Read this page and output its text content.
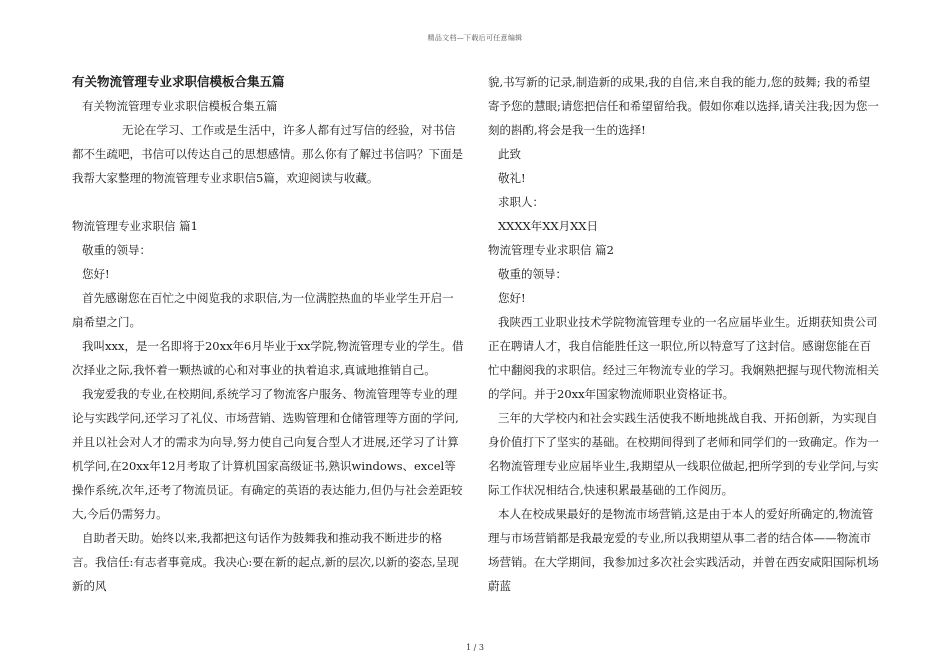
精品文档—下载后可任意编辑

有关物流管理专业求职信模板合集五篇

有关物流管理专业求职信模板合集五篇

无论在学习、工作或是生活中，许多人都有过写信的经验，对书信都不生疏吧，书信可以传达自己的思想感情。那么你有了解过书信吗？下面是我帮大家整理的物流管理专业求职信5篇，欢迎阅读与收藏。

物流管理专业求职信 篇1

敬重的领导：

您好!

首先感谢您在百忙之中阅览我的求职信,为一位满腔热血的毕业学生开启一扇希望之门。

我叫xxx，是一名即将于20xx年6月毕业于xx学院,物流管理专业的学生。借次择业之际,我怀着一颗热诚的心和对事业的执着追求,真诚地推销自己。

我宠爱我的专业,在校期间,系统学习了物流客户服务、物流管理等专业的理论与实践学问,还学习了礼仪、市场营销、选购管理和仓储管理等方面的学问,并且以社会对人才的需求为向导,努力使自己向复合型人才进展,还学习了计算机学问,在20xx年12月考取了计算机国家高级证书,熟识windows、excel等操作系统,次年,还考了物流员证。有确定的英语的表达能力,但仍与社会差距较大,今后仍需努力。

自助者天助。始终以来,我都把这句话作为鼓舞我和推动我不断进步的格言。我信任:有志者事竟成。我决心:要在新的起点,新的层次,以新的姿态,呈现新的风

貌,书写新的记录,制造新的成果,我的自信,来自我的能力,您的鼓舞; 我的希望寄予您的慧眼;请您把信任和希望留给我。假如你难以选择,请关注我;因为您一刻的斟酌,将会是我一生的选择!

此致

敬礼!

求职人：

XXXX年XX月XX日

物流管理专业求职信 篇2

敬重的领导：

您好!

我陕西工业职业技术学院物流管理专业的一名应届毕业生。近期获知贵公司正在聘请人才，我自信能胜任这一职位,所以特意写了这封信。感谢您能在百忙中翻阅我的求职信。经过三年物流专业的学习。我娴熟把握与现代物流相关的学问。并于20xx年国家物流师职业资格证书。

三年的大学校内和社会实践生活使我不断地挑战自我、开拓创新，为实现自身价值打下了坚实的基础。在校期间得到了老师和同学们的一致确定。作为一名物流管理专业应届毕业生,我期望从一线职位做起,把所学到的专业学问,与实际工作状况相结合,快速积累最基础的工作阅历。

本人在校成果最好的是物流市场营销,这是由于本人的爱好所确定的,物流管理与市场营销都是我最宠爱的专业,所以我期望从事二者的结合体——物流市场营销。在大学期间，我参加过多次社会实践活动，并曾在西安咸阳国际机场蔚蓝

1 / 3
